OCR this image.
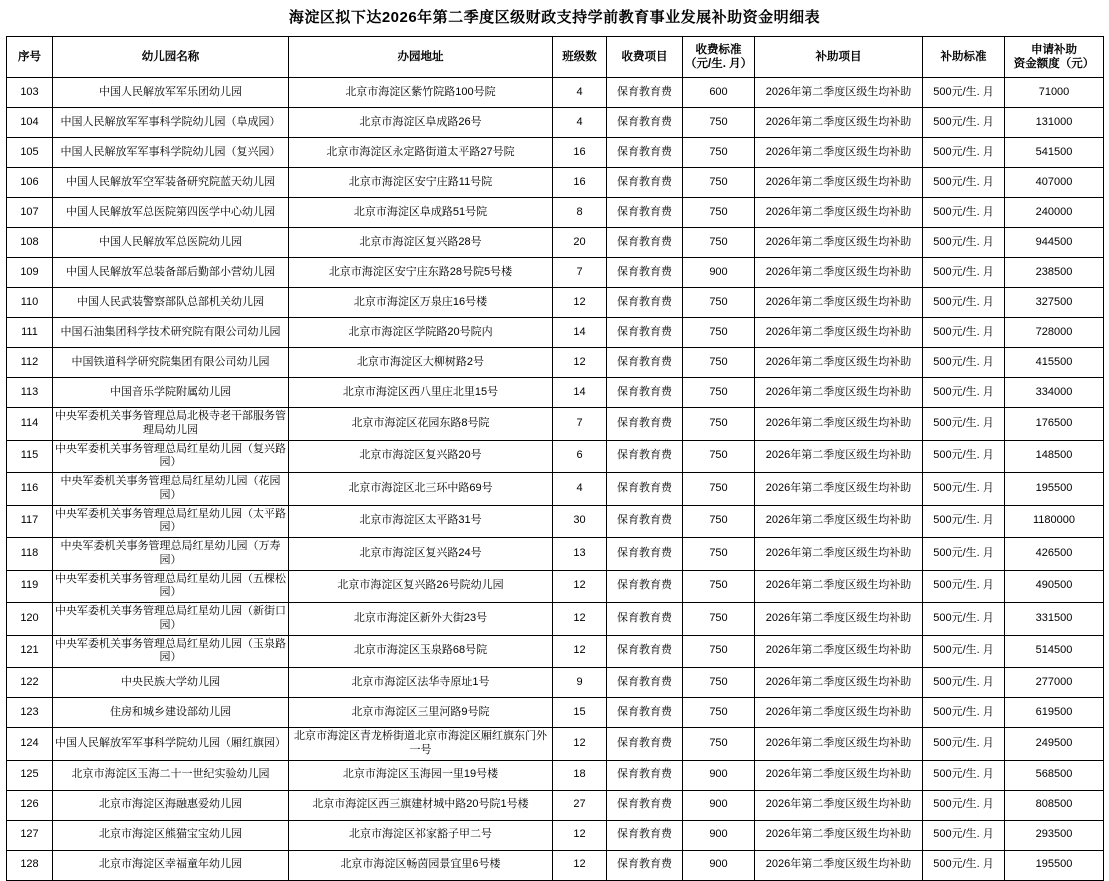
海淀区拟下达2026年第二季度区级财政支持学前教育事业发展补助资金明细表
序号	幼儿园名称	办园地址	班级数	收费项目	收费标准
（元/生. 月）	补助项目	补助标准	申请补助
资金额度（元）

103	中国人民解放军军乐团幼儿园	北京市海淀区紫竹院路100号院	4	保育教育费	600	2026年第二季度区级生均补助	500元/生. 月	71000
104	中国人民解放军军事科学院幼儿园（阜成园）	北京市海淀区阜成路26号	4	保育教育费	750	2026年第二季度区级生均补助	500元/生. 月	131000
105	中国人民解放军军事科学院幼儿园（复兴园）	北京市海淀区永定路街道太平路27号院	16	保育教育费	750	2026年第二季度区级生均补助	500元/生. 月	541500
106	中国人民解放军空军装备研究院蓝天幼儿园	北京市海淀区安宁庄路11号院	16	保育教育费	750	2026年第二季度区级生均补助	500元/生. 月	407000
107	中国人民解放军总医院第四医学中心幼儿园	北京市海淀区阜成路51号院	8	保育教育费	750	2026年第二季度区级生均补助	500元/生. 月	240000
108	中国人民解放军总医院幼儿园	北京市海淀区复兴路28号	20	保育教育费	750	2026年第二季度区级生均补助	500元/生. 月	944500
109	中国人民解放军总装备部后勤部小营幼儿园	北京市海淀区安宁庄东路28号院5号楼	7	保育教育费	900	2026年第二季度区级生均补助	500元/生. 月	238500
110	中国人民武装警察部队总部机关幼儿园	北京市海淀区万泉庄16号楼	12	保育教育费	750	2026年第二季度区级生均补助	500元/生. 月	327500
111	中国石油集团科学技术研究院有限公司幼儿园	北京市海淀区学院路20号院内	14	保育教育费	750	2026年第二季度区级生均补助	500元/生. 月	728000
112	中国铁道科学研究院集团有限公司幼儿园	北京市海淀区大柳树路2号	12	保育教育费	750	2026年第二季度区级生均补助	500元/生. 月	415500
113	中国音乐学院附属幼儿园	北京市海淀区西八里庄北里15号	14	保育教育费	750	2026年第二季度区级生均补助	500元/生. 月	334000
114	中央军委机关事务管理总局北极寺老干部服务管理局幼儿园	北京市海淀区花园东路8号院	7	保育教育费	750	2026年第二季度区级生均补助	500元/生. 月	176500
115	中央军委机关事务管理总局红星幼儿园（复兴路园）	北京市海淀区复兴路20号	6	保育教育费	750	2026年第二季度区级生均补助	500元/生. 月	148500
116	中央军委机关事务管理总局红星幼儿园（花园园）	北京市海淀区北三环中路69号	4	保育教育费	750	2026年第二季度区级生均补助	500元/生. 月	195500
117	中央军委机关事务管理总局红星幼儿园（太平路园）	北京市海淀区太平路31号	30	保育教育费	750	2026年第二季度区级生均补助	500元/生. 月	1180000
118	中央军委机关事务管理总局红星幼儿园（万寿园）	北京市海淀区复兴路24号	13	保育教育费	750	2026年第二季度区级生均补助	500元/生. 月	426500
119	中央军委机关事务管理总局红星幼儿园（五棵松园）	北京市海淀区复兴路26号院幼儿园	12	保育教育费	750	2026年第二季度区级生均补助	500元/生. 月	490500
120	中央军委机关事务管理总局红星幼儿园（新街口园）	北京市海淀区新外大街23号	12	保育教育费	750	2026年第二季度区级生均补助	500元/生. 月	331500
121	中央军委机关事务管理总局红星幼儿园（玉泉路园）	北京市海淀区玉泉路68号院	12	保育教育费	750	2026年第二季度区级生均补助	500元/生. 月	514500
122	中央民族大学幼儿园	北京市海淀区法华寺原址1号	9	保育教育费	750	2026年第二季度区级生均补助	500元/生. 月	277000
123	住房和城乡建设部幼儿园	北京市海淀区三里河路9号院	15	保育教育费	750	2026年第二季度区级生均补助	500元/生. 月	619500
124	中国人民解放军军事科学院幼儿园（厢红旗园）	北京市海淀区青龙桥街道北京市海淀区厢红旗东门外一号	12	保育教育费	750	2026年第二季度区级生均补助	500元/生. 月	249500
125	北京市海淀区玉海二十一世纪实验幼儿园	北京市海淀区玉海园一里19号楼	18	保育教育费	900	2026年第二季度区级生均补助	500元/生. 月	568500
126	北京市海淀区海融惠爱幼儿园	北京市海淀区西三旗建材城中路20号院1号楼	27	保育教育费	900	2026年第二季度区级生均补助	500元/生. 月	808500
127	北京市海淀区熊猫宝宝幼儿园	北京市海淀区祁家豁子甲二号	12	保育教育费	900	2026年第二季度区级生均补助	500元/生. 月	293500
128	北京市海淀区幸福童年幼儿园	北京市海淀区畅茵园景宜里6号楼	12	保育教育费	900	2026年第二季度区级生均补助	500元/生. 月	195500
